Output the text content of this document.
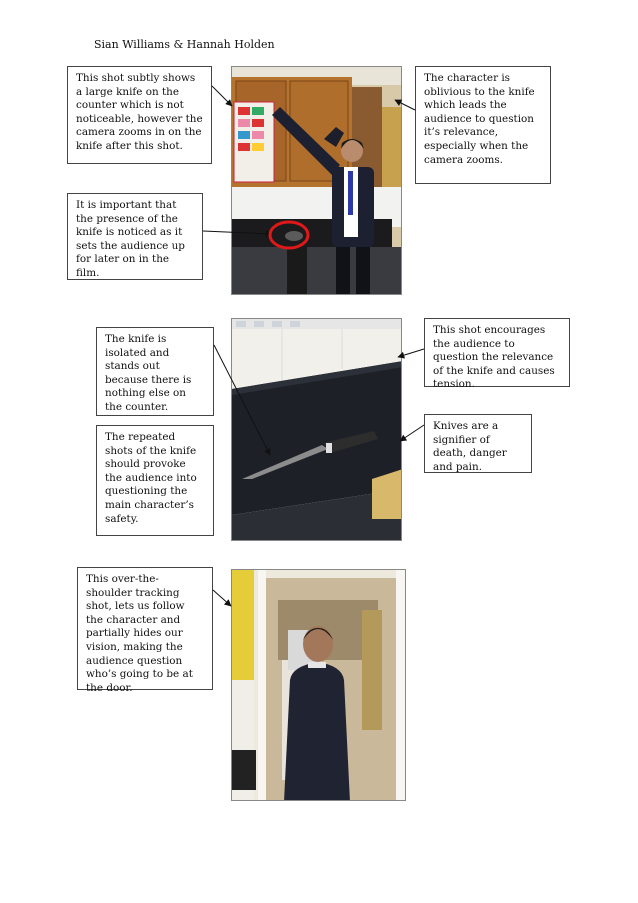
Sian Williams & Hannah Holden
This shot subtly shows a large knife on the counter which is not noticeable, however the camera zooms in on the knife after this shot.
The character is oblivious to the knife which leads the audience to question it’s relevance, especially when the camera zooms.
It is important that the presence of the knife is noticed as it sets the audience up for later on in the film.
The knife is isolated and stands out because there is nothing else on the counter.
This shot encourages the audience to question the relevance of the knife and causes tension.
The repeated shots of the knife should provoke the audience into questioning the main character’s safety.
Knives are a signifier of death, danger and pain.
This over-the-shoulder tracking shot, lets us follow the character and partially hides our vision, making the audience question who’s going to be at the door.
